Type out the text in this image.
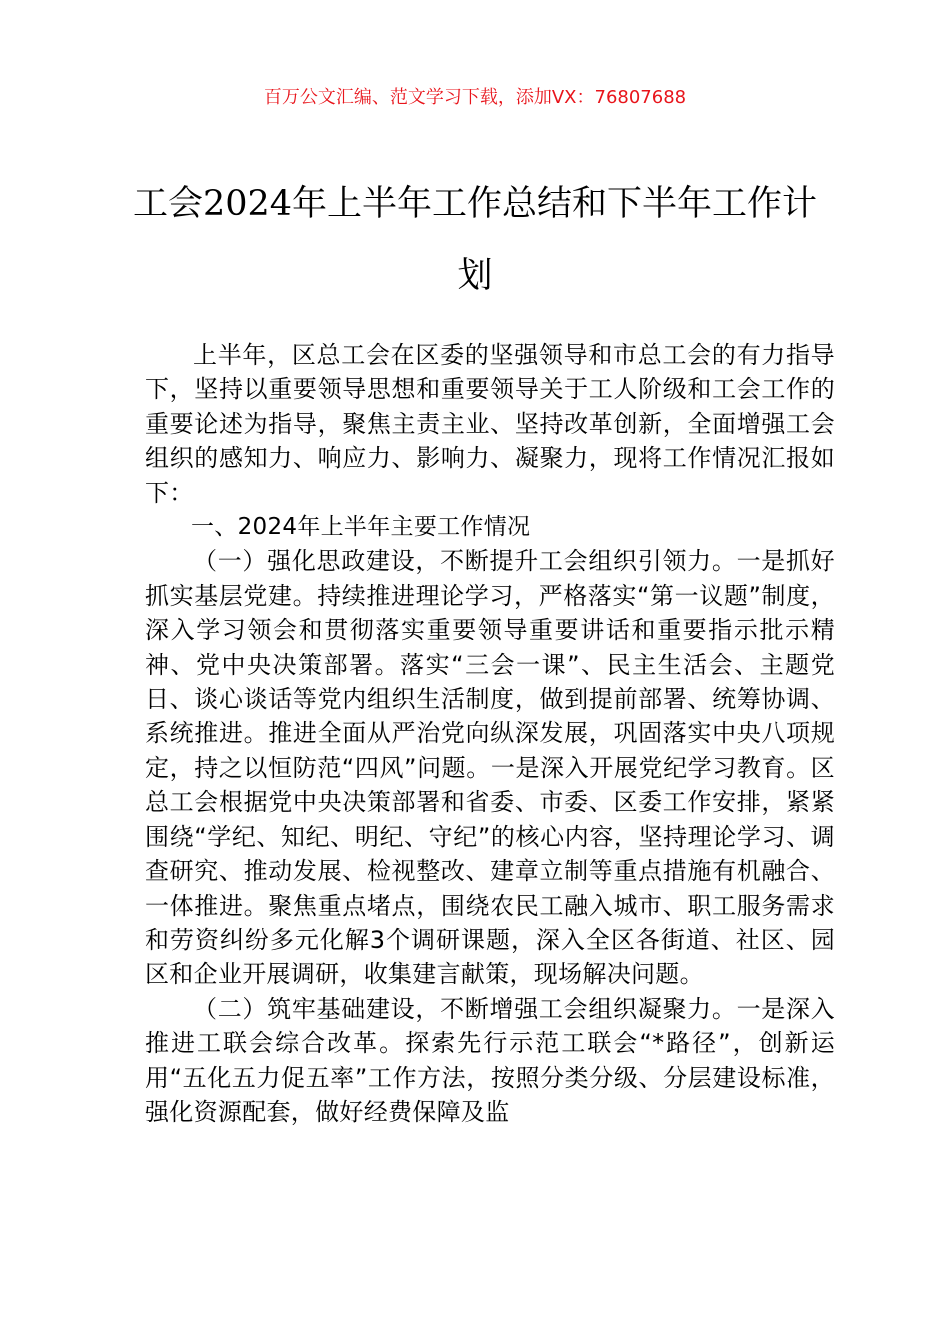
百万公文汇编、范文学习下载，添加VX：76807688
工会2024年上半年工作总结和下半年工作计划

上半年，区总工会在区委的坚强领导和市总工会的有力指导下，坚持以重要领导思想和重要领导关于工人阶级和工会工作的重要论述为指导，聚焦主责主业、坚持改革创新，全面增强工会组织的感知力、响应力、影响力、凝聚力，现将工作情况汇报如下：

一、2024年上半年主要工作情况

（一）强化思政建设，不断提升工会组织引领力。一是抓好抓实基层党建。持续推进理论学习，严格落实“第一议题”制度，深入学习领会和贯彻落实重要领导重要讲话和重要指示批示精神、党中央决策部署。落实“三会一课”、民主生活会、主题党日、谈心谈话等党内组织生活制度，做到提前部署、统筹协调、系统推进。推进全面从严治党向纵深发展，巩固落实中央八项规定，持之以恒防范“四风”问题。一是深入开展党纪学习教育。区总工会根据党中央决策部署和省委、市委、区委工作安排，紧紧围绕“学纪、知纪、明纪、守纪”的核心内容，坚持理论学习、调查研究、推动发展、检视整改、建章立制等重点措施有机融合、一体推进。聚焦重点堵点，围绕农民工融入城市、职工服务需求和劳资纠纷多元化解3个调研课题，深入全区各街道、社区、园区和企业开展调研，收集建言献策，现场解决问题。

（二）筑牢基础建设，不断增强工会组织凝聚力。一是深入推进工联会综合改革。探索先行示范工联会“*路径”，创新运用“五化五力促五率”工作方法，按照分类分级、分层建设标准，强化资源配套，做好经费保障及监
